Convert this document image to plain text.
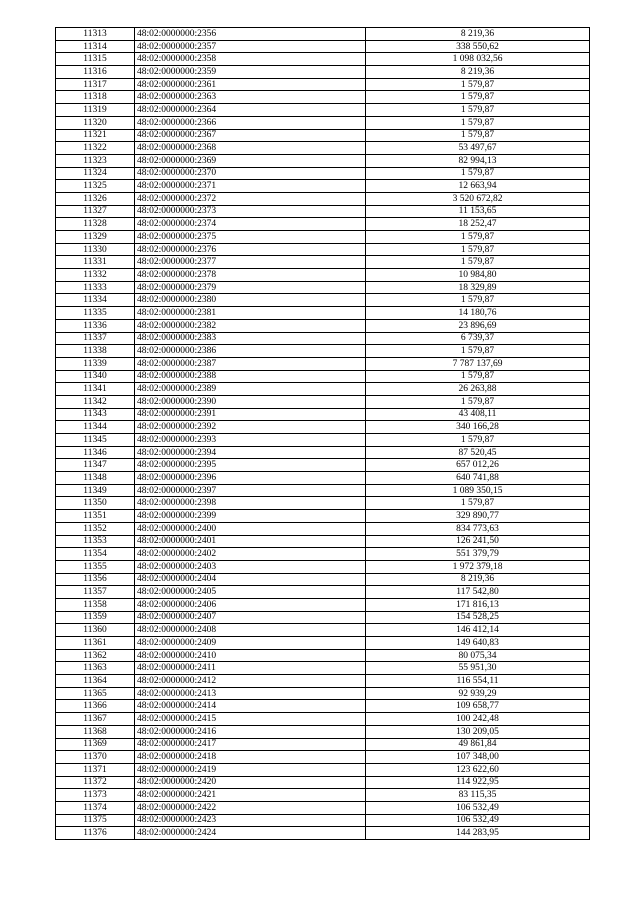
11313	48:02:0000000:2356	8 219,36
11314	48:02:0000000:2357	338 550,62
11315	48:02:0000000:2358	1 098 032,56
11316	48:02:0000000:2359	8 219,36
11317	48:02:0000000:2361	1 579,87
11318	48:02:0000000:2363	1 579,87
11319	48:02:0000000:2364	1 579,87
11320	48:02:0000000:2366	1 579,87
11321	48:02:0000000:2367	1 579,87
11322	48:02:0000000:2368	53 497,67
11323	48:02:0000000:2369	82 994,13
11324	48:02:0000000:2370	1 579,87
11325	48:02:0000000:2371	12 663,94
11326	48:02:0000000:2372	3 520 672,82
11327	48:02:0000000:2373	11 153,65
11328	48:02:0000000:2374	18 252,47
11329	48:02:0000000:2375	1 579,87
11330	48:02:0000000:2376	1 579,87
11331	48:02:0000000:2377	1 579,87
11332	48:02:0000000:2378	10 984,80
11333	48:02:0000000:2379	18 329,89
11334	48:02:0000000:2380	1 579,87
11335	48:02:0000000:2381	14 180,76
11336	48:02:0000000:2382	23 896,69
11337	48:02:0000000:2383	6 739,37
11338	48:02:0000000:2386	1 579,87
11339	48:02:0000000:2387	7 787 137,69
11340	48:02:0000000:2388	1 579,87
11341	48:02:0000000:2389	26 263,88
11342	48:02:0000000:2390	1 579,87
11343	48:02:0000000:2391	43 408,11
11344	48:02:0000000:2392	340 166,28
11345	48:02:0000000:2393	1 579,87
11346	48:02:0000000:2394	87 520,45
11347	48:02:0000000:2395	657 012,26
11348	48:02:0000000:2396	640 741,88
11349	48:02:0000000:2397	1 089 350,15
11350	48:02:0000000:2398	1 579,87
11351	48:02:0000000:2399	329 890,77
11352	48:02:0000000:2400	834 773,63
11353	48:02:0000000:2401	126 241,50
11354	48:02:0000000:2402	551 379,79
11355	48:02:0000000:2403	1 972 379,18
11356	48:02:0000000:2404	8 219,36
11357	48:02:0000000:2405	117 542,80
11358	48:02:0000000:2406	171 816,13
11359	48:02:0000000:2407	154 528,25
11360	48:02:0000000:2408	146 412,14
11361	48:02:0000000:2409	149 640,83
11362	48:02:0000000:2410	80 075,34
11363	48:02:0000000:2411	55 951,30
11364	48:02:0000000:2412	116 554,11
11365	48:02:0000000:2413	92 939,29
11366	48:02:0000000:2414	109 658,77
11367	48:02:0000000:2415	100 242,48
11368	48:02:0000000:2416	130 209,05
11369	48:02:0000000:2417	49 861,84
11370	48:02:0000000:2418	107 348,00
11371	48:02:0000000:2419	123 622,60
11372	48:02:0000000:2420	114 922,95
11373	48:02:0000000:2421	83 115,35
11374	48:02:0000000:2422	106 532,49
11375	48:02:0000000:2423	106 532,49
11376	48:02:0000000:2424	144 283,95
